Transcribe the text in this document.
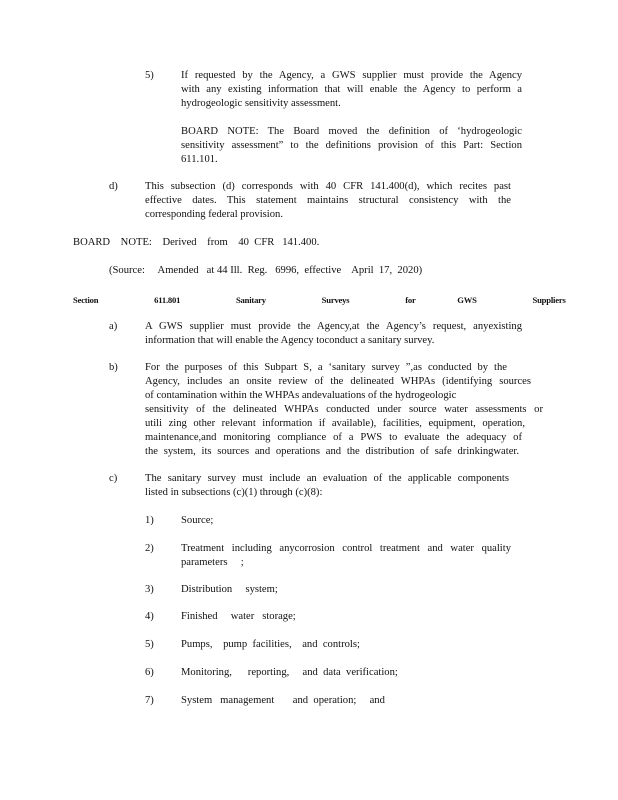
5)	If requested by the Agency, a GWS supplier must provide the Agency
with any existing information that will enable the Agency to perform a
hydrogeologic sensitivity assessment.
BOARD NOTE: The Board moved the definition of ‘hydrogeologic
sensitivity assessment” to the definitions provision of this Part: Section
611.101.
d)	This subsection (d) corresponds with 40 CFR 141.400(d), which recites past
effective dates. This statement maintains structural consistency with the
corresponding federal provision.
BOARD    NOTE:    Derived    from    40  CFR   141.400.
(Source:     Amended   at 44 Ill.  Reg.   6996,  effective    April  17,  2020)
Section    611.801    Sanitary    Surveys    for   GWS    Suppliers
a)	A GWS supplier must provide the Agency,at the Agency’s request, anyexisting
information that will enable the Agency toconduct a sanitary survey.
b)	For the purposes of this Subpart S, a ‘sanitary survey ”,as conducted by the
Agency, includes an onsite review of the delineated WHPAs (identifying sources
of contamination within the WHPAs andevaluations of the hydrogeologic
sensitivity of the delineated WHPAs conducted under source water assessments or
utili zing other relevant information if available), facilities, equipment, operation,
maintenance,and monitoring compliance of a PWS to evaluate the adequacy of
the system, its sources and operations and the distribution of safe drinkingwater.
c)	The sanitary survey must include an evaluation of the applicable components
listed in subsections (c)(1) through (c)(8):
1)	Source;
2)	Treatment including anycorrosion control treatment and water quality
parameters     ;
3)	Distribution     system;
4)	Finished     water   storage;
5)	Pumps,    pump  facilities,    and  controls;
6)	Monitoring,      reporting,     and  data  verification;
7)	System   management       and  operation;     and
